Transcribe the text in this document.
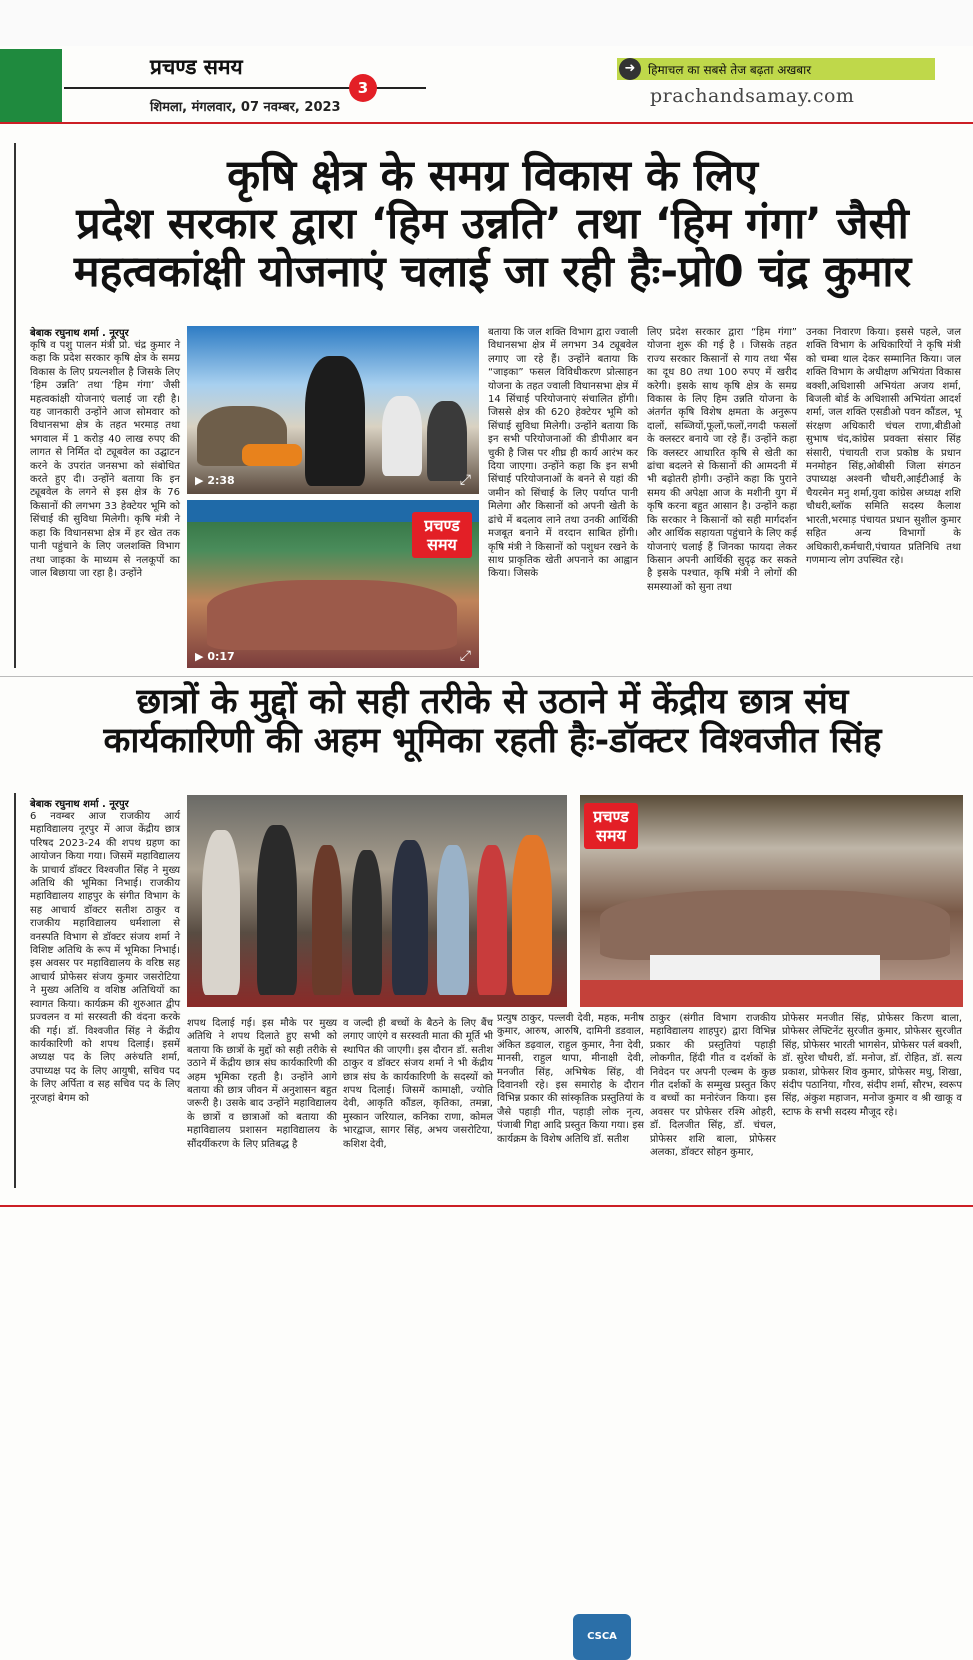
प्रचण्ड समय
शिमला, मंगलवार, 07 नवम्बर, 2023
3
➜	हिमाचल का सबसे तेज बढ़ता अखबार
prachandsamay.com
कृषि क्षेत्र के समग्र विकास के लिए
प्रदेश सरकार द्वारा ‘हिम उन्नति’ तथा ‘हिम गंगा’ जैसी
महत्वकांक्षी योजनाएं चलाई जा रही हैः-प्रो0 चंद्र कुमार
बेबाक रघुनाथ शर्मा . नूरपुर
कृषि व पशु पालन मंत्री प्रो. चंद्र कुमार ने कहा कि प्रदेश सरकार कृषि क्षेत्र के समग्र विकास के लिए प्रयत्नशील है जिसके लिए ‘हिम उन्नति’ तथा ‘हिम गंगा’ जैसी महत्वकांक्षी योजनाएं चलाई जा रही है। यह जानकारी उन्होंने आज सोमवार को विधानसभा क्षेत्र के तहत भरमाड़ तथा भगवाल में 1 करोड़ 40 लाख रुपए की लागत से निर्मित दो ट्यूबवेल का उद्घाटन करने के उपरांत जनसभा को संबोधित करते हुए दी। उन्होंने बताया कि इन ट्यूबवेल के लगने से इस क्षेत्र के 76 किसानों की लगभग 33 हेक्टेयर भूमि को सिंचाई की सुविधा मिलेगी। कृषि मंत्री ने कहा कि विधानसभा क्षेत्र में हर खेत तक पानी पहुंचाने के लिए जलशक्ति विभाग तथा जाइका के माध्यम से नलकूपों का जाल बिछाया जा रहा है। उन्होंने
▶ 2:38	⤢
प्रचण्ड समय
▶ 0:17	⤢
बताया कि जल शक्ति विभाग द्वारा ज्वाली विधानसभा क्षेत्र में लगभग 34 ट्यूबवेल लगाए जा रहे हैं। उन्होंने बताया कि “जाइका” फसल विविधीकरण प्रोत्साहन योजना के तहत ज्वाली विधानसभा क्षेत्र में 14 सिंचाई परियोजनाएं संचालित होंगी। जिससे क्षेत्र की 620 हेक्टेयर भूमि को सिंचाई सुविधा मिलेगी। उन्होंने बताया कि इन सभी परियोजनाओं की डीपीआर बन चुकी है जिस पर शीघ्र ही कार्य आरंभ कर दिया जाएगा। उन्होंने कहा कि इन सभी सिंचाई परियोजनाओं के बनने से यहां की जमीन को सिंचाई के लिए पर्याप्त पानी मिलेगा और किसानों को अपनी खेती के ढांचे में बदलाव लाने तथा उनकी आर्थिकी मजबूत बनाने में वरदान साबित होंगी। कृषि मंत्री ने किसानों को पशुधन रखने के साथ प्राकृतिक खेती अपनाने का आह्वान किया। जिसके
लिए प्रदेश सरकार द्वारा “हिम गंगा” योजना शुरू की गई है । जिसके तहत राज्य सरकार किसानों से गाय तथा भैंस का दूध 80 तथा 100 रुपए में खरीद करेगी। इसके साथ कृषि क्षेत्र के समग्र विकास के लिए हिम उन्नति योजना के अंतर्गत कृषि विशेष क्षमता के अनुरूप दालों, सब्जियों,फूलों,फलों,नगदी फसलों के क्लस्टर बनाये जा रहे हैं। उन्होंने कहा कि क्लस्टर आधारित कृषि से खेती का ढांचा बदलने से किसानों की आमदनी में भी बढ़ोतरी होगी। उन्होंने कहा कि पुराने समय की अपेक्षा आज के मशीनी युग में कृषि करना बहुत आसान है। उन्होंने कहा कि सरकार ने किसानों को सही मार्गदर्शन और आर्थिक सहायता पहुंचाने के लिए कई योजनाएं चलाई हैं जिनका फायदा लेकर किसान अपनी आर्थिकी सुदृढ़ कर सकते है इसके पश्चात, कृषि मंत्री ने लोगों की समस्याओं को सुना तथा
उनका निवारण किया। इससे पहले, जल शक्ति विभाग के अधिकारियों ने कृषि मंत्री को चम्बा थाल देकर सम्मानित किया। जल शक्ति विभाग के अधीक्षण अभियंता विकास बक्शी,अधिशासी अभियंता अजय शर्मा, बिजली बोर्ड के अधिशासी अभियंता आदर्श शर्मा, जल शक्ति एसडीओ पवन कौंडल, भू संरक्षण अधिकारी चंचल राणा,बीडीओ सुभाष चंद,कांग्रेस प्रवक्ता संसार सिंह संसारी, पंचायती राज प्रकोष्ठ के प्रधान मनमोहन सिंह,ओबीसी जिला संगठन उपाध्यक्ष अश्वनी चौधरी,आईटीआई के चैयरमेन मनु शर्मा,युवा कांग्रेस अध्यक्ष शशि चौधरी,ब्लॉक समिति सदस्य कैलाश भारती,भरमाड़ पंचायत प्रधान सुशील कुमार सहित अन्य विभागों के अधिकारी,कर्मचारी,पंचायत प्रतिनिधि तथा गणमान्य लोग उपस्थित रहे।
छात्रों के मुद्दों को सही तरीके से उठाने में केंद्रीय छात्र संघ
कार्यकारिणी की अहम भूमिका रहती हैः-डॉक्टर विश्वजीत सिंह
बेबाक रघुनाथ शर्मा . नूरपुर
6 नवम्बर आज राजकीय आर्य महाविद्यालय नूरपुर में आज केंद्रीय छात्र परिषद 2023-24 की शपथ ग्रहण का आयोजन किया गया। जिसमें महाविद्यालय के प्राचार्य डॉक्टर विश्वजीत सिंह ने मुख्य अतिथि की भूमिका निभाई। राजकीय महाविद्यालय शाहपुर के संगीत विभाग के सह आचार्य डॉक्टर सतीश ठाकुर व राजकीय महाविद्यालय धर्मशाला से वनस्पति विभाग से डॉक्टर संजय शर्मा ने विशिष्ट अतिथि के रूप में भूमिका निभाई। इस अवसर पर महाविद्यालय के वरिष्ठ सह आचार्य प्रोफेसर संजय कुमार जसरोटिया ने मुख्य अतिथि व वशिष्ठ अतिथियों का स्वागत किया। कार्यक्रम की शुरुआत द्वीप प्रज्वलन व मां सरस्वती की वंदना करके की गई। डॉ. विश्वजीत सिंह ने केंद्रीय कार्यकारिणी को शपथ दिलाई। इसमें अध्यक्ष पद के लिए अरुंधति शर्मा, उपाध्यक्ष पद के लिए आयुषी, सचिव पद के लिए अर्पिता व सह सचिव पद के लिए नूरजहां बेगम को
CSCA
प्रचण्ड समय
शपथ दिलाई गई। इस मौके पर मुख्य अतिथि ने शपथ दिलाते हुए सभी को बताया कि छात्रों के मुद्दों को सही तरीके से उठाने में केंद्रीय छात्र संघ कार्यकारिणी की अहम भूमिका रहती है। उन्होंने आगे बताया की छात्र जीवन में अनुशासन बहुत जरूरी है। उसके बाद उन्होंने महाविद्यालय के छात्रों व छात्राओं को बताया की महाविद्यालय प्रशासन महाविद्यालय के सौंदर्यीकरण के लिए प्रतिबद्ध है
व जल्दी ही बच्चों के बैठने के लिए बैंच लगाए जाएंगे व सरस्वती माता की मूर्ति भी स्थापित की जाएगी। इस दौरान डॉ. सतीश ठाकुर व डॉक्टर संजय शर्मा ने भी केंद्रीय छात्र संघ के कार्यकारिणी के सदस्यों को शपथ दिलाई। जिसमें कामाक्षी, ज्योति देवी, आकृति कौंडल, कृतिका, तमन्ना, मुस्कान जरियाल, कनिका राणा, कोमल भारद्वाज, सागर सिंह, अभय जसरोटिया, कशिश देवी,
प्रत्युष ठाकुर, पल्लवी देवी, महक, मनीष कुमार, आरुष, आरुषि, दामिनी डडवाल, अंकित डढ़वाल, राहुल कुमार, नैना देवी, मानसी, राहुल थापा, मीनाक्षी देवी, मनजीत सिंह, अभिषेक सिंह, वी दिवानशी रहे। इस समारोह के दौरान विभिन्न प्रकार की सांस्कृतिक प्रस्तुतियां के जैसे पहाड़ी गीत, पहाड़ी लोक नृत्य, पंजाबी गिद्दा आदि प्रस्तुत किया गया। इस कार्यक्रम के विशेष अतिथि डॉ. सतीश
ठाकुर (संगीत विभाग राजकीय महाविद्यालय शाहपुर) द्वारा विभिन्न प्रकार की प्रस्तुतियां पहाड़ी लोकगीत, हिंदी गीत व दर्शकों के निवेदन पर अपनी एल्बम के कुछ गीत दर्शकों के सम्मुख प्रस्तुत किए व बच्चों का मनोरंजन किया। इस अवसर पर प्रोफेसर रश्मि ओहरी, डॉ. दिलजीत सिंह, डॉ. चंचल, प्रोफेसर शशि बाला, प्रोफेसर अलका, डॉक्टर सोहन कुमार,
प्रोफेसर मनजीत सिंह, प्रोफेसर किरण बाला, प्रोफेसर लेफ्टिनेंट सुरजीत कुमार, प्रोफेसर सुरजीत सिंह, प्रोफेसर भारती भागसेन, प्रोफेसर पर्ल बक्शी, डॉ. सुरेश चौधरी, डॉ. मनोज, डॉ. रोहित, डॉ. सत्य प्रकाश, प्रोफेसर शिव कुमार, प्रोफेसर मधु, शिखा, संदीप पठानिया, गौरव, संदीप शर्मा, सौरभ, स्वरूप सिंह, अंकुश महाजन, मनोज कुमार व श्री खाकू व स्टाफ के सभी सदस्य मौजूद रहे।
